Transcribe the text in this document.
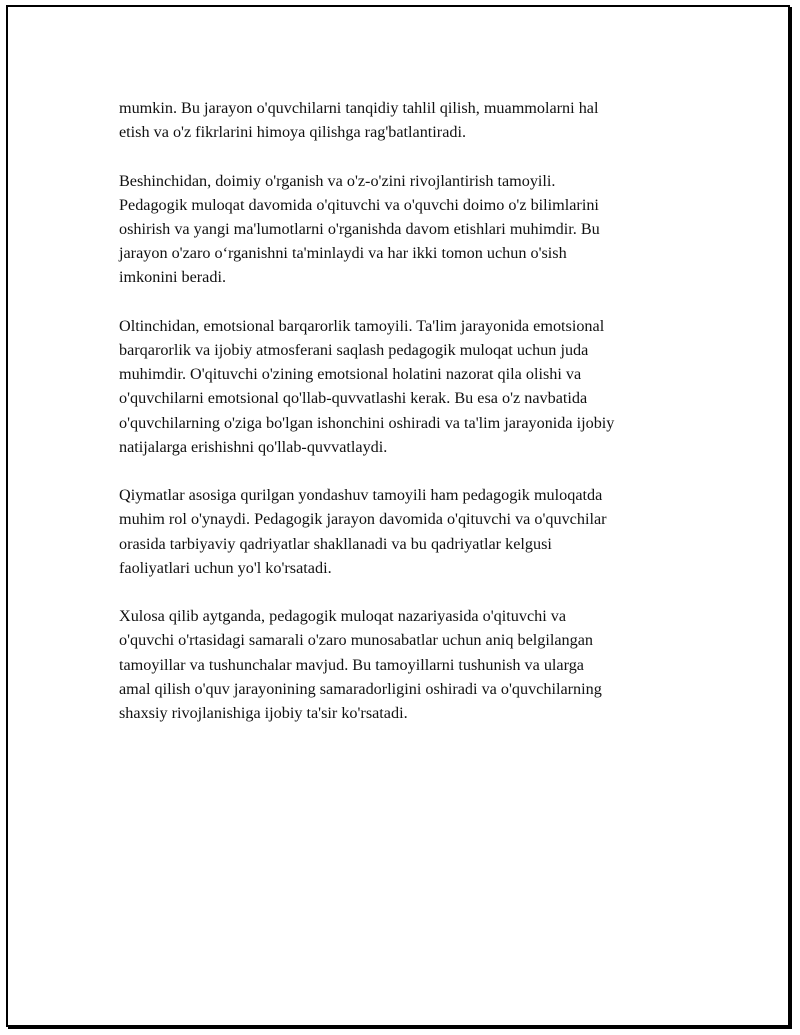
mumkin. Bu jarayon o'quvchilarni tanqidiy tahlil qilish, muammolarni hal
etish va o'z fikrlarini himoya qilishga rag'batlantiradi.
Beshinchidan, doimiy o'rganish va o'z-o'zini rivojlantirish tamoyili.
Pedagogik muloqat davomida o'qituvchi va o'quvchi doimo o'z bilimlarini
oshirish va yangi ma'lumotlarni o'rganishda davom etishlari muhimdir. Bu
jarayon o'zaro o‘rganishni ta'minlaydi va har ikki tomon uchun o'sish
imkonini beradi.
Oltinchidan, emotsional barqarorlik tamoyili. Ta'lim jarayonida emotsional
barqarorlik va ijobiy atmosferani saqlash pedagogik muloqat uchun juda
muhimdir. O'qituvchi o'zining emotsional holatini nazorat qila olishi va
o'quvchilarni emotsional qo'llab-quvvatlashi kerak. Bu esa o'z navbatida
o'quvchilarning o'ziga bo'lgan ishonchini oshiradi va ta'lim jarayonida ijobiy
natijalarga erishishni qo'llab-quvvatlaydi.
Qiymatlar asosiga qurilgan yondashuv tamoyili ham pedagogik muloqatda
muhim rol o'ynaydi. Pedagogik jarayon davomida o'qituvchi va o'quvchilar
orasida tarbiyaviy qadriyatlar shakllanadi va bu qadriyatlar kelgusi
faoliyatlari uchun yo'l ko'rsatadi.
Xulosa qilib aytganda, pedagogik muloqat nazariyasida o'qituvchi va
o'quvchi o'rtasidagi samarali o'zaro munosabatlar uchun aniq belgilangan
tamoyillar va tushunchalar mavjud. Bu tamoyillarni tushunish va ularga
amal qilish o'quv jarayonining samaradorligini oshiradi va o'quvchilarning
shaxsiy rivojlanishiga ijobiy ta'sir ko'rsatadi.
